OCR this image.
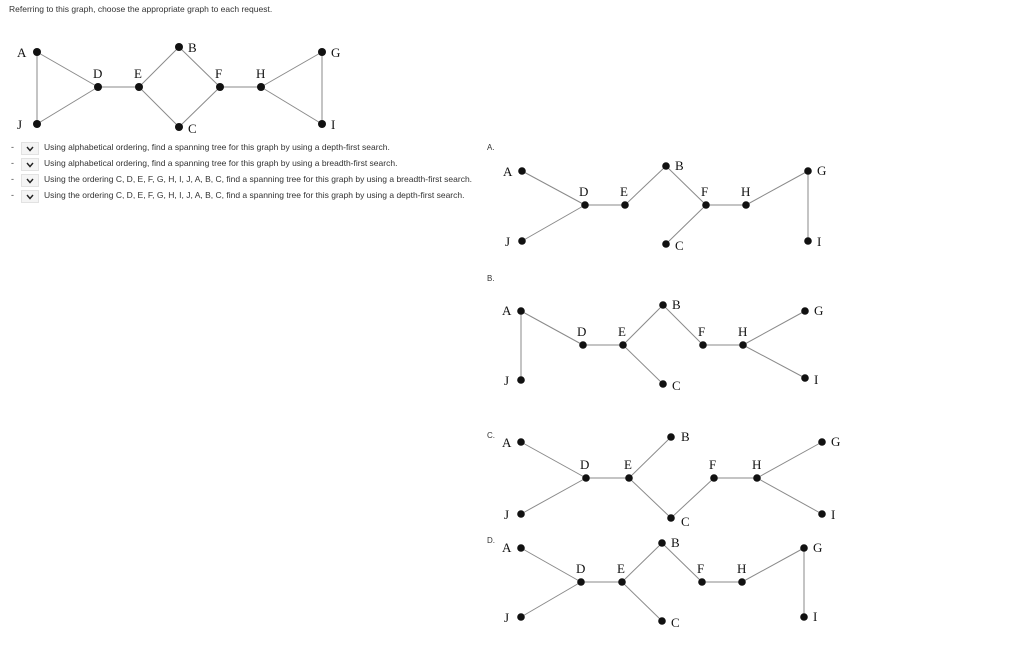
Referring to this graph, choose the appropriate graph to each request.
A
D E
B
C
F	H
G
I
J
-	Using alphabetical ordering, find a spanning tree for this graph by using a depth-first search.
-	Using alphabetical ordering, find a spanning tree for this graph by using a breadth-first search.
-	Using the ordering C, D, E, F, G, H, I, J, A, B, C, find a spanning tree for this graph by using a breadth-first search.
-	Using the ordering C, D, E, F, G, H, I, J, A, B, C, find a spanning tree for this graph by using a depth-first search.
A.
B.
C.
D.
A
D E
B
C
F	H
G
I
J
A
D E
B
C
F	H
G
I
J
A
D	E
B
C
F	H
G
I
J
A
D E
B
C
F	H
G
I
J
